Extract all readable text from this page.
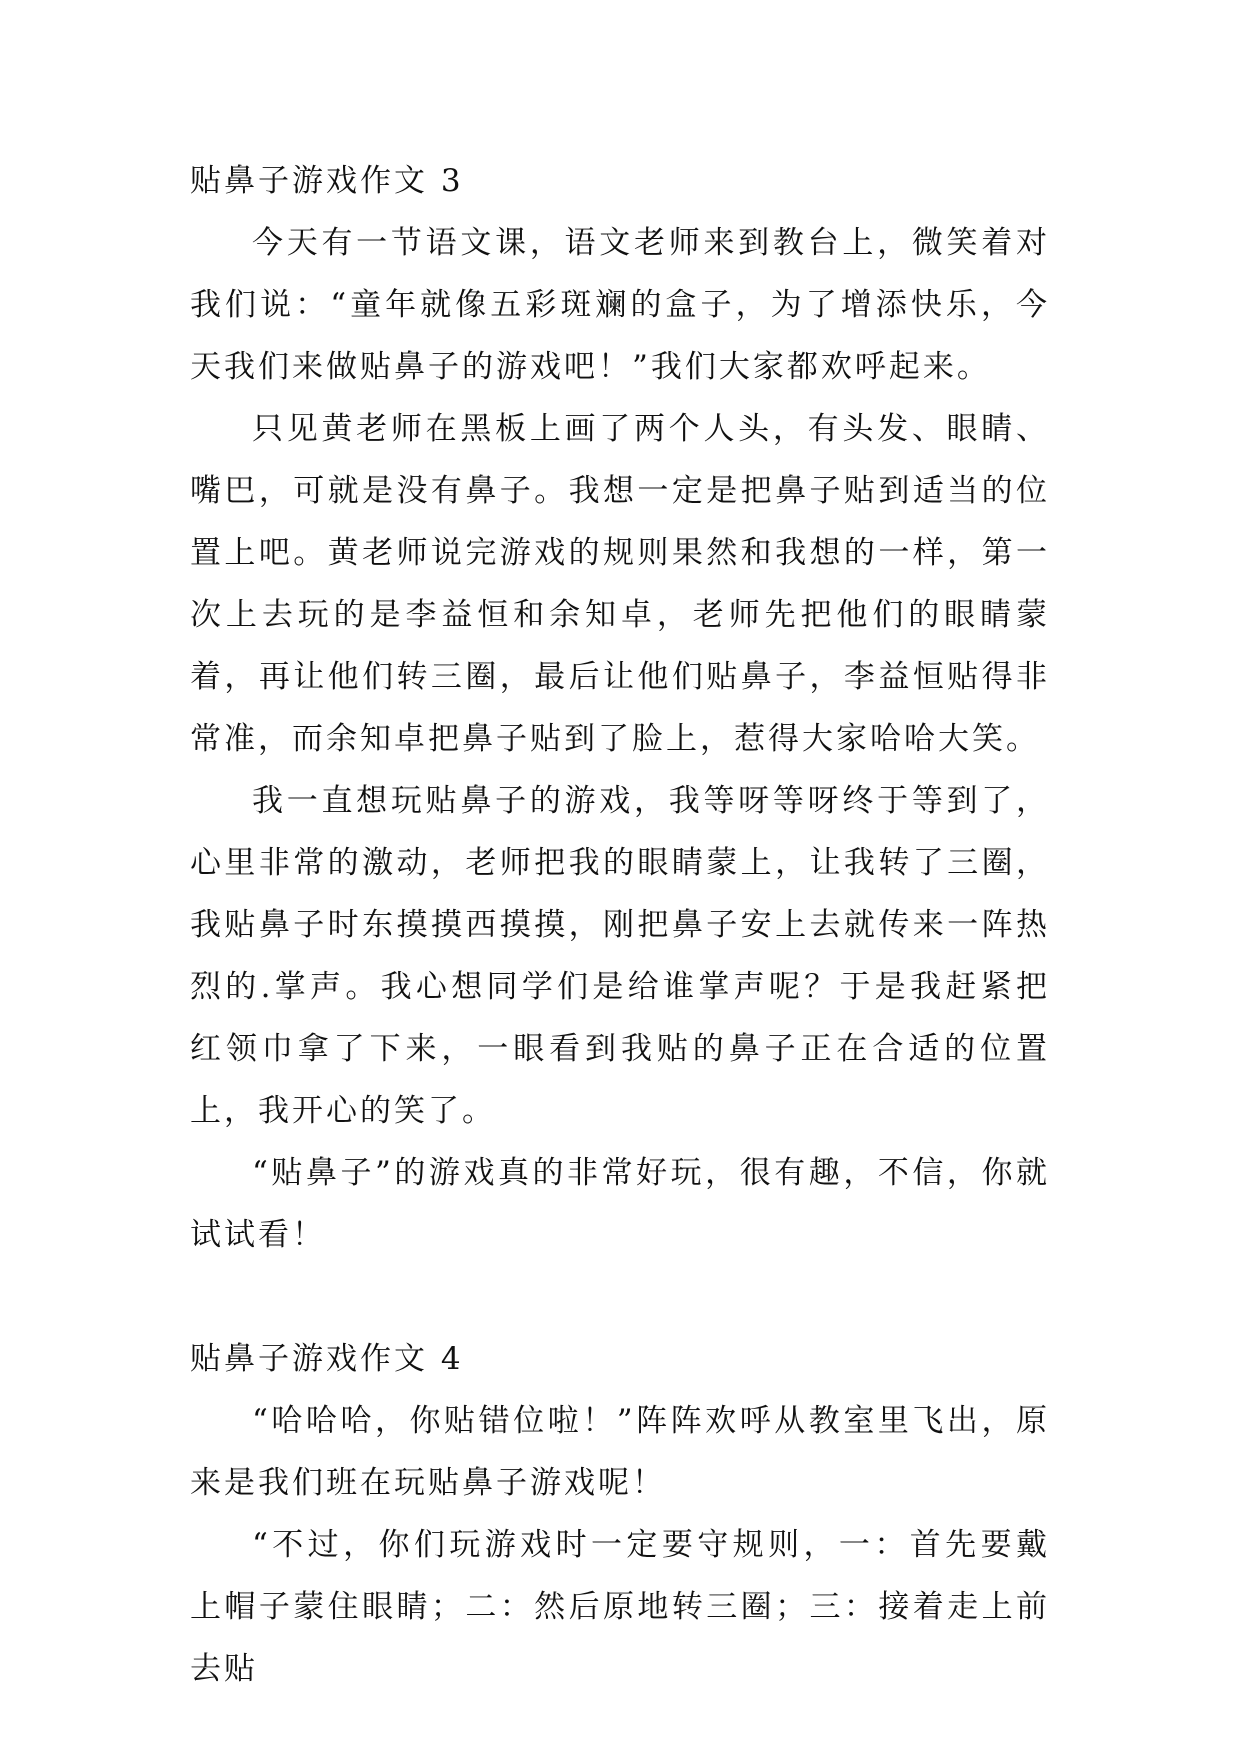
贴鼻子游戏作文 3

今天有一节语文课，语文老师来到教台上，微笑着对我们说：“童年就像五彩斑斓的盒子，为了增添快乐，今天我们来做贴鼻子的游戏吧！”我们大家都欢呼起来。

只见黄老师在黑板上画了两个人头，有头发、眼睛、嘴巴，可就是没有鼻子。我想一定是把鼻子贴到适当的位置上吧。黄老师说完游戏的规则果然和我想的一样，第一次上去玩的是李益恒和余知卓，老师先把他们的眼睛蒙着，再让他们转三圈，最后让他们贴鼻子，李益恒贴得非常准，而余知卓把鼻子贴到了脸上，惹得大家哈哈大笑。

我一直想玩贴鼻子的游戏，我等呀等呀终于等到了，心里非常的激动，老师把我的眼睛蒙上，让我转了三圈，我贴鼻子时东摸摸西摸摸，刚把鼻子安上去就传来一阵热烈的.掌声。我心想同学们是给谁掌声呢？于是我赶紧把红领巾拿了下来，一眼看到我贴的鼻子正在合适的位置上，我开心的笑了。

“贴鼻子”的游戏真的非常好玩，很有趣，不信，你就试试看！

贴鼻子游戏作文 4

“哈哈哈，你贴错位啦！”阵阵欢呼从教室里飞出，原来是我们班在玩贴鼻子游戏呢！

“不过，你们玩游戏时一定要守规则，一：首先要戴上帽子蒙住眼睛；二：然后原地转三圈；三：接着走上前去贴
